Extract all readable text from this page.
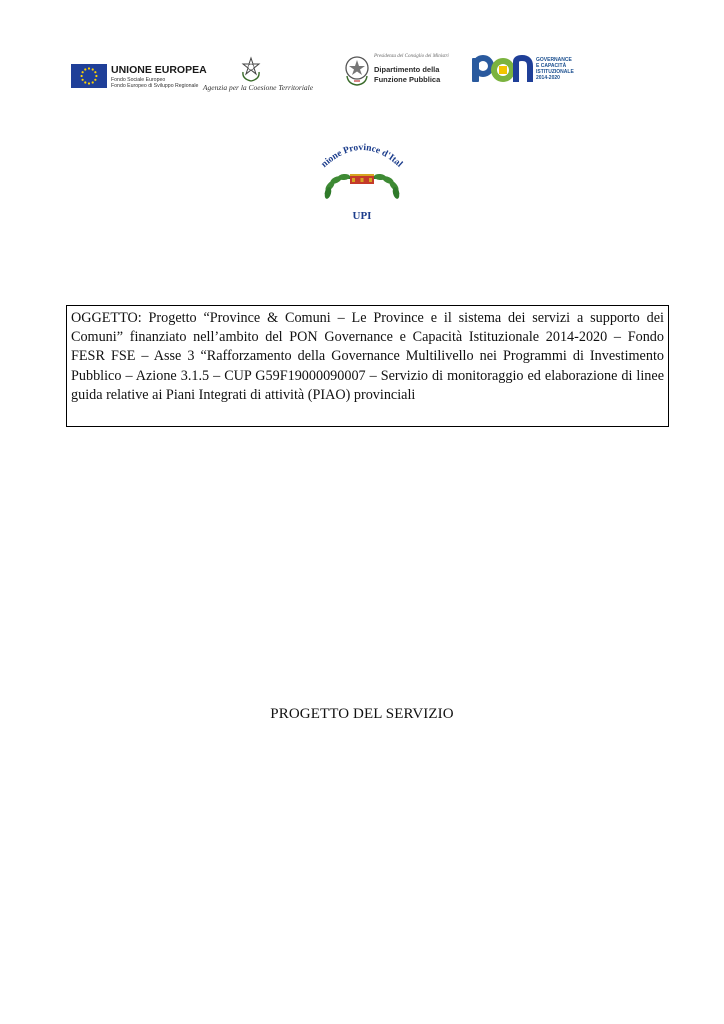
UNIONE EUROPEA
Fondo Sociale Europeo
Fondo Europeo di Sviluppo Regionale Agenzia per la Coesione Territoriale
Presidenza del Consiglio dei Ministri
Dipartimento della
Funzione Pubblica
GOVERNANCE
E CAPACITÀ
ISTITUZIONALE
2014-2020
nione Province d'Ital
UPI
OGGETTO: Progetto “Province & Comuni – Le Province e il sistema dei servizi a supporto dei Comuni” finanziato nell’ambito del PON Governance e Capacità Istituzionale 2014-2020 – Fondo FESR FSE – Asse 3 “Rafforzamento della Governance Multilivello nei Programmi di Investimento Pubblico – Azione 3.1.5 – CUP G59F19000090007 – Servizio di monitoraggio ed elaborazione di linee guida relative ai Piani Integrati di attività (PIAO) provinciali
PROGETTO DEL SERVIZIO
